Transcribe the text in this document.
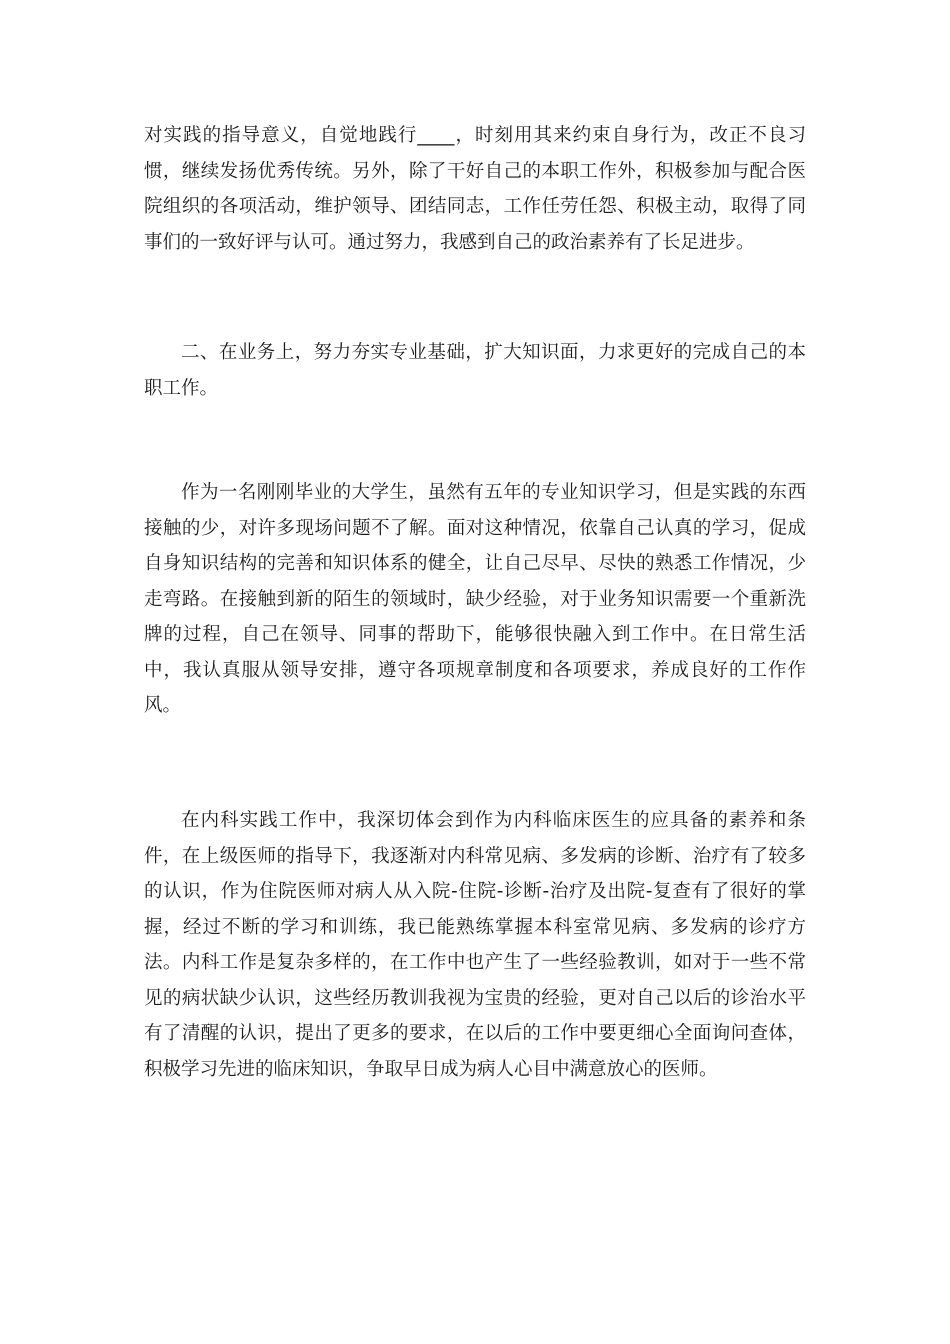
对实践的指导意义，自觉地践行____，时刻用其来约束自身行为，改正不良习惯，继续发扬优秀传统。另外，除了干好自己的本职工作外，积极参加与配合医院组织的各项活动，维护领导、团结同志，工作任劳任怨、积极主动，取得了同事们的一致好评与认可。通过努力，我感到自己的政治素养有了长足进步。

二、在业务上，努力夯实专业基础，扩大知识面，力求更好的完成自己的本职工作。

作为一名刚刚毕业的大学生，虽然有五年的专业知识学习，但是实践的东西接触的少，对许多现场问题不了解。面对这种情况，依靠自己认真的学习，促成自身知识结构的完善和知识体系的健全，让自己尽早、尽快的熟悉工作情况，少走弯路。在接触到新的陌生的领域时，缺少经验，对于业务知识需要一个重新洗牌的过程，自己在领导、同事的帮助下，能够很快融入到工作中。在日常生活中，我认真服从领导安排，遵守各项规章制度和各项要求，养成良好的工作作风。

在内科实践工作中，我深切体会到作为内科临床医生的应具备的素养和条件，在上级医师的指导下，我逐渐对内科常见病、多发病的诊断、治疗有了较多的认识，作为住院医师对病人从入院-住院-诊断-治疗及出院-复查有了很好的掌握，经过不断的学习和训练，我已能熟练掌握本科室常见病、多发病的诊疗方法。内科工作是复杂多样的，在工作中也产生了一些经验教训，如对于一些不常见的病状缺少认识，这些经历教训我视为宝贵的经验，更对自己以后的诊治水平有了清醒的认识，提出了更多的要求，在以后的工作中要更细心全面询问查体，积极学习先进的临床知识，争取早日成为病人心目中满意放心的医师。
